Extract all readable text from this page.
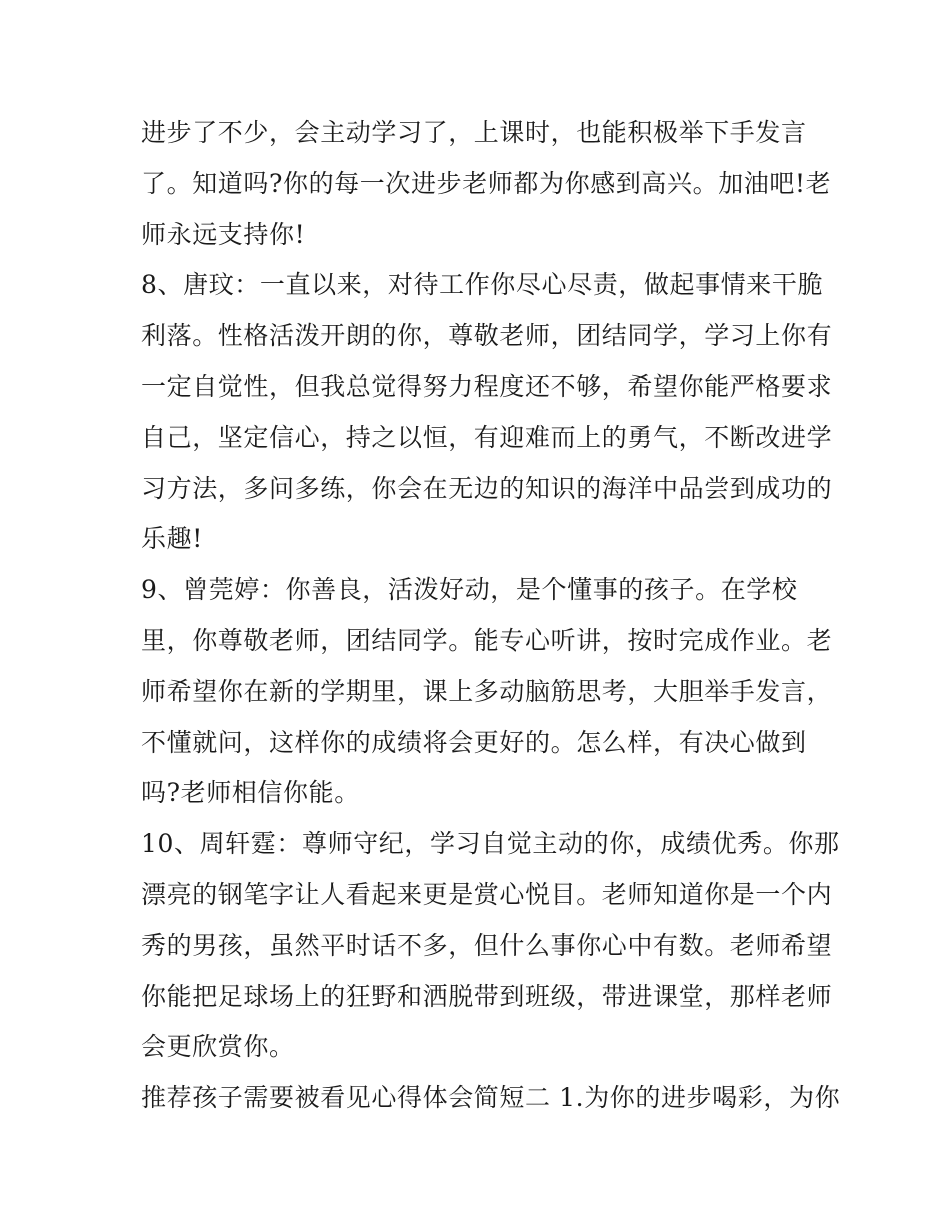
进步了不少，会主动学习了，上课时，也能积极举下手发言
了。知道吗?你的每一次进步老师都为你感到高兴。加油吧!老
师永远支持你!
8、唐玟：一直以来，对待工作你尽心尽责，做起事情来干脆
利落。性格活泼开朗的你，尊敬老师，团结同学，学习上你有
一定自觉性，但我总觉得努力程度还不够，希望你能严格要求
自己，坚定信心，持之以恒，有迎难而上的勇气，不断改进学
习方法，多问多练，你会在无边的知识的海洋中品尝到成功的
乐趣!
9、曾莞婷：你善良，活泼好动，是个懂事的孩子。在学校
里，你尊敬老师，团结同学。能专心听讲，按时完成作业。老
师希望你在新的学期里，课上多动脑筋思考，大胆举手发言，
不懂就问，这样你的成绩将会更好的。怎么样，有决心做到
吗?老师相信你能。
10、周轩霆：尊师守纪，学习自觉主动的你，成绩优秀。你那
漂亮的钢笔字让人看起来更是赏心悦目。老师知道你是一个内
秀的男孩，虽然平时话不多，但什么事你心中有数。老师希望
你能把足球场上的狂野和洒脱带到班级，带进课堂，那样老师
会更欣赏你。
推荐孩子需要被看见心得体会简短二 1.为你的进步喝彩，为你
